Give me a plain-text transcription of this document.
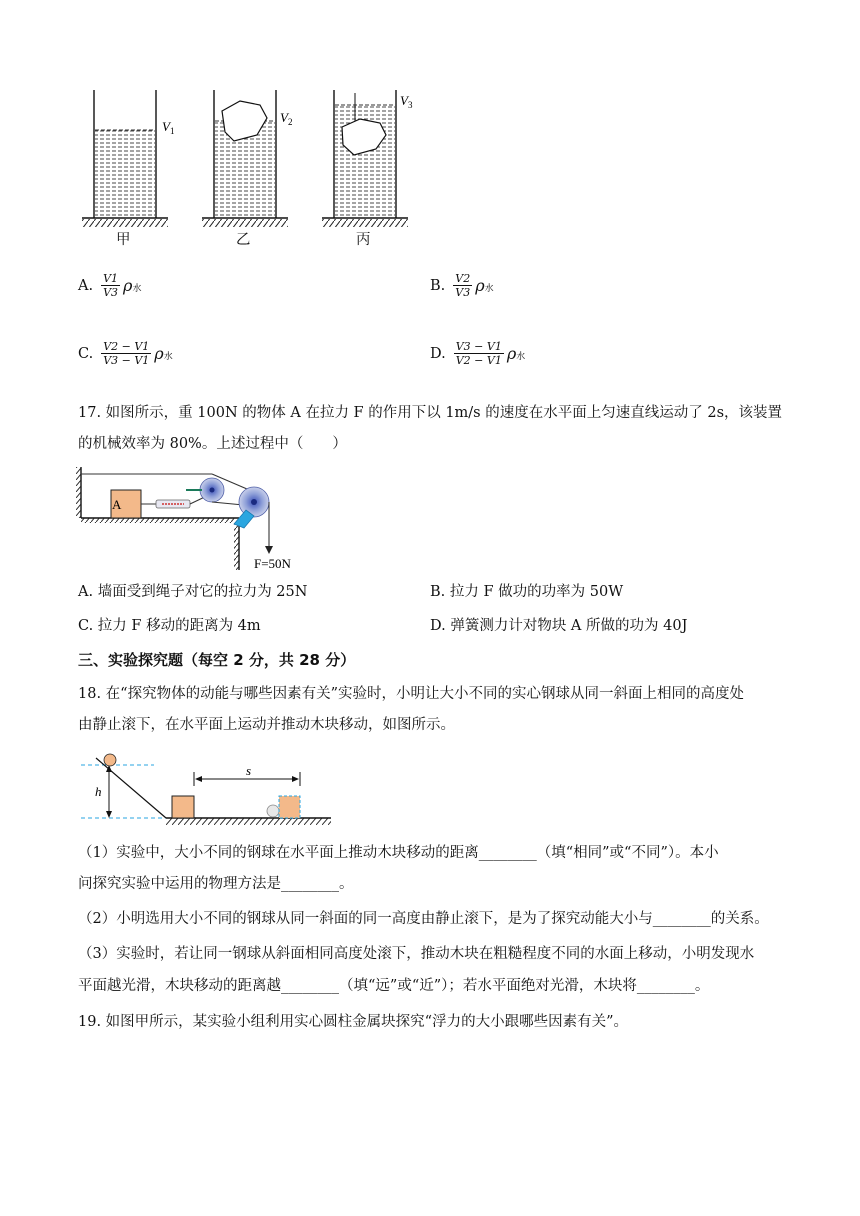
$V_1$
$V_2$
$V_3$
甲	乙	丙
A. $\frac{V1}{V3}$ ρ水	B. $\frac{V2}{V3}$ ρ水
C. $\frac{V2 - V1}{V3 - V1}$ ρ水	D. $\frac{V3 - V1}{V2 - V1}$ ρ水
17. 如图所示，重 100N 的物体 A 在拉力 F 的作用下以 1m/s 的速度在水平面上匀速直线运动了 2s，该装置
的机械效率为 80%。上述过程中（　　）
A
F=50N
A. 墙面受到绳子对它的拉力为 25N	B. 拉力 F 做功的功率为 50W
C. 拉力 F 移动的距离为 4m	D. 弹簧测力计对物块 A 所做的功为 40J
三、实验探究题（每空 2 分，共 28 分）
18. 在“探究物体的动能与哪些因素有关”实验时，小明让大小不同的实心钢球从同一斜面上相同的高度处
由静止滚下，在水平面上运动并推动木块移动，如图所示。
h
s
（1）实验中，大小不同的钢球在水平面上推动木块移动的距离________（填“相同”或“不同”）。本小
问探究实验中运用的物理方法是________。
（2）小明选用大小不同的钢球从同一斜面的同一高度由静止滚下，是为了探究动能大小与________的关系。
（3）实验时，若让同一钢球从斜面相同高度处滚下，推动木块在粗糙程度不同的水面上移动，小明发现水
平面越光滑，木块移动的距离越________（填“远”或“近”）；若水平面绝对光滑，木块将________。
19. 如图甲所示，某实验小组利用实心圆柱金属块探究“浮力的大小跟哪些因素有关”。
